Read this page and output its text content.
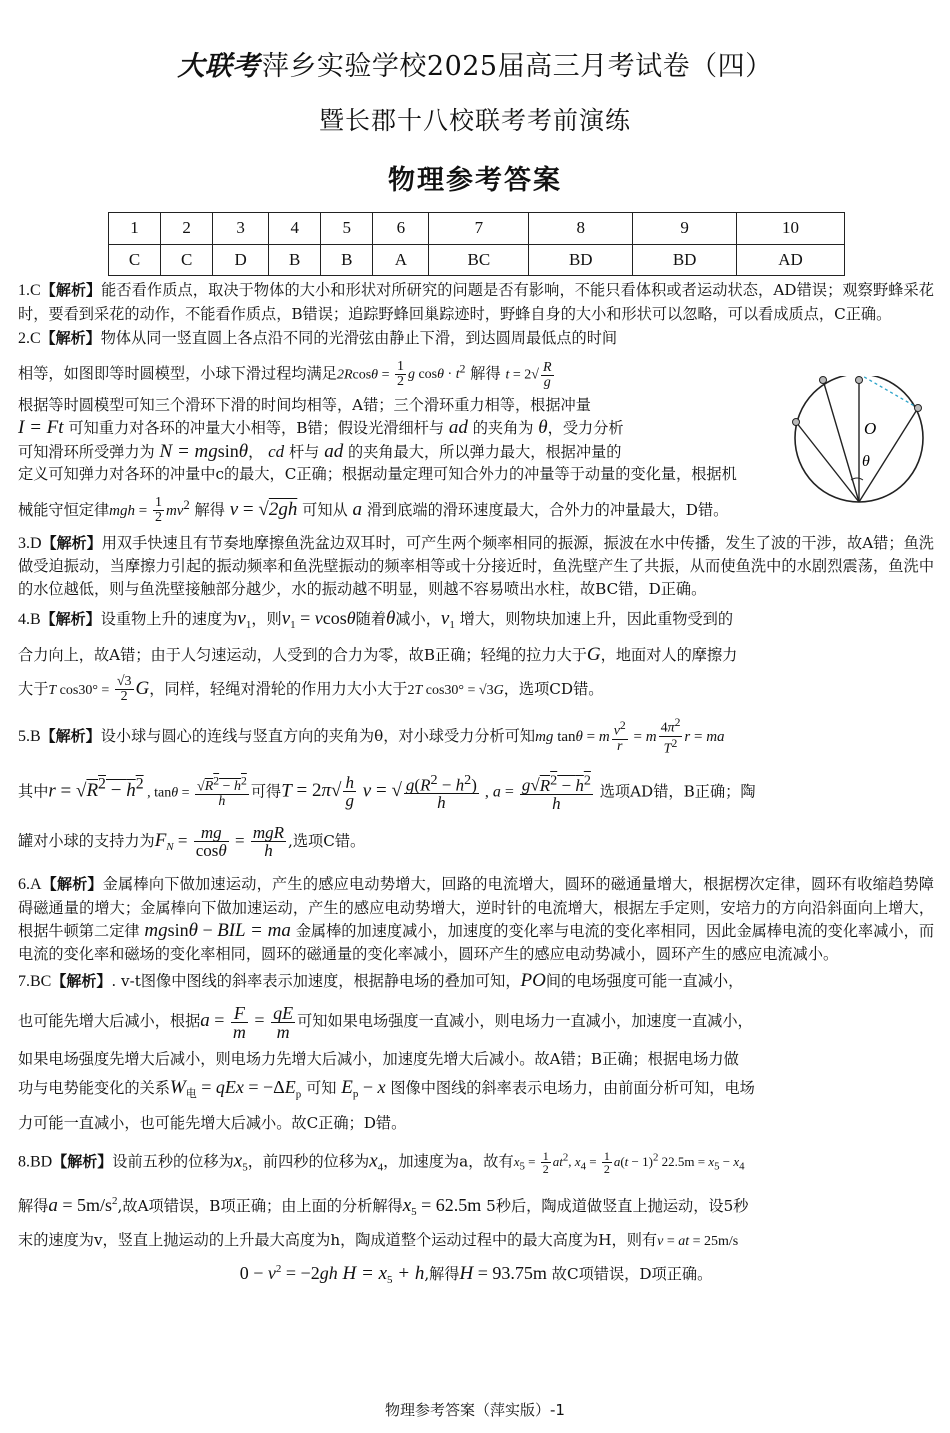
大联考萍乡实验学校2025届高三月考试卷（四）
暨长郡十八校联考考前演练
物理参考答案
1	2	3	4	5	6	7	8	9	10
C	C	D	B	B	A	BC	BD	BD	AD
O
θ

1.C【解析】能否看作质点，取决于物体的大小和形状对所研究的问题是否有影响，不能只看体积或者运动状态，AD错误；观察野蜂采花时，要看到采花的动作，不能看作质点，B错误；追踪野蜂回巢踪迹时，野蜂自身的大小和形状可以忽略，可以看成质点，C正确。

2.C【解析】物体从同一竖直圆上各点沿不同的光滑弦由静止下滑，到达圆周最低点的时间

相等，如图即等时圆模型，小球下滑过程均满足$2Rcos\theta = \frac{1}{2}$ g $\cos\theta \cdot t^2$ 解得 $t = 2√ \frac{R}{g}$

根据等时圆模型可知三个滑环下滑的时间均相等，A错；三个滑环重力相等，根据冲量

I = Ft 可知重力对各环的冲量大小相等，B错；假设光滑细杆与 ad 的夹角为 θ，受力分析

可知滑环所受弹力为 N = mgsinθ， cd 杆与 ad 的夹角最大，所以弹力最大，根据冲量的

定义可知弹力对各环的冲量中c的最大，C正确；根据动量定理可知合外力的冲量等于动量的变化量，根据机

械能守恒定律mgh = $\frac{1}{2} mv^2$ 解得 v = √2gh 可知从 a 滑到底端的滑环速度最大，合外力的冲量最大，D错。

3.D【解析】用双手快速且有节奏地摩擦鱼洗盆边双耳时，可产生两个频率相同的振源，振波在水中传播，发生了波的干涉，故A错；鱼洗做受迫振动，当摩擦力引起的振动频率和鱼洗壁振动的频率相等或十分接近时，鱼洗壁产生了共振，从而使鱼洗中的水剧烈震荡，鱼洗中的水位越低，则与鱼洗壁接触部分越少，水的振动越不明显，则越不容易喷出水柱，故BC错，D正确。

4.B【解析】设重物上升的速度为$v_1$，则$v_1 = vcos\theta$随着θ减小，$v_1$ 增大，则物块加速上升，因此重物受到的

合力向上，故A错；由于人匀速运动，人受到的合力为零，故B正确；轻绳的拉力大于G，地面对人的摩擦力

大于T $\cos 30^\circ = \frac{√3}{2}$ G，同样，轻绳对滑轮的作用力大小大于2T cos30° = √3G，选项CD错。

5.B【解析】设小球与圆心的连线与竖直方向的夹角为θ，对小球受力分析可知mg tanθ = m $\frac{v^2}{r} = m \frac{4\pi^2}{T^2}$ r = ma

其中$r = √R^2 - h^2$ , $\tan\theta = \frac{√R^2 - h^2}{h}$ 可得$T = 2\pi√ \frac{h}{g}$ v = √ $\frac{g(R^2 - h^2)}{h}$ , $a = \frac{g√R^2 - h^2}{h}$ 选项AD错，B正确；陶

罐对小球的支持力为$F_N = \frac{mg}{\cos\theta} = \frac{\text{mgR}}{h}$ ,选项C错。

6.A【解析】金属棒向下做加速运动，产生的感应电动势增大，回路的电流增大，圆环的磁通量增大，根据楞次定律，圆环有收缩趋势障碍磁通量的增大；金属棒向下做加速运动，产生的感应电动势增大，逆时针的电流增大，根据左手定则，安培力的方向沿斜面向上增大，根据牛顿第二定律 mgsinθ − BIL = ma 金属棒的加速度减小，加速度的变化率与电流的变化率相同，因此金属棒电流的变化率减小，而电流的变化率和磁场的变化率相同，圆环的磁通量的变化率减小，圆环产生的感应电动势减小，圆环产生的感应电流减小。

7.BC【解析】. v-t图像中图线的斜率表示加速度，根据静电场的叠加可知，PO间的电场强度可能一直减小，

也可能先增大后减小，根据$a = \frac{F}{m} = \frac{qE}{m}$ 可知如果电场强度一直减小，则电场力一直减小，加速度一直减小，

如果电场强度先增大后减小，则电场力先增大后减小，加速度先增大后减小。故A错；B正确；根据电场力做

功与电势能变化的关系$W_电$ = qEx = $-\Delta E_p$ 可知 $E_p - x$ 图像中图线的斜率表示电场力，由前面分析可知，电场

力可能一直减小，也可能先增大后减小。故C正确；D错。

8.BD【解析】设前五秒的位移为$x_5$，前四秒的位移为$x_4$，加速度为a，故有$x_5 = \frac{1}{2} at^2$, $x_4 = \frac{1}{2} a(t - 1)^2$ $22.5m = x_5 - x_4$

解得$a = 5m/s^2$,故A项错误，B项正确；由上面的分析解得$x_5 = 62.5m$ 5秒后，陶成道做竖直上抛运动，设5秒

末的速度为v，竖直上抛运动的上升最大高度为h，陶成道整个运动过程中的最大高度为H，则有v = at = 25m/s

$0 - v^2 = -2gh$ $H = x_5 + h$,解得H = 93.75m 故C项错误，D项正确。

物理参考答案（萍实版）-1
